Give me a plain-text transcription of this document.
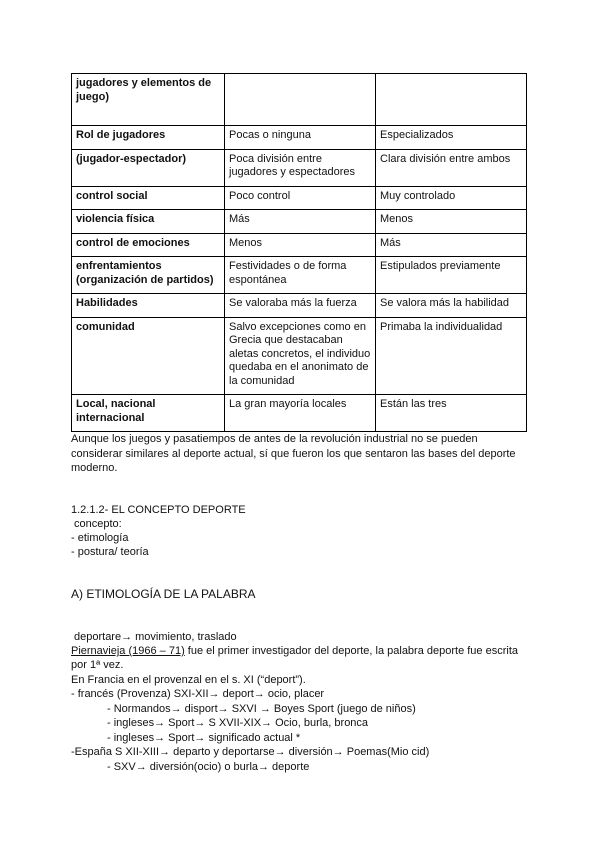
jugadores y elementos de juego)		
Rol de jugadores	Pocas o ninguna	Especializados
(jugador-espectador)	Poca división entre jugadores y espectadores	Clara división entre ambos
control social	Poco control	Muy controlado
violencia física	Más	Menos
control de emociones	Menos	Más
enfrentamientos (organización de partidos)	Festividades o de forma espontánea	Estipulados previamente
Habilidades	Se valoraba más la fuerza	Se valora más la habilidad
comunidad	Salvo excepciones como en Grecia que destacaban aletas concretos, el individuo quedaba en el anonimato de la comunidad	Primaba la individualidad
Local, nacional internacional	La gran mayoría locales	Están las tres
Aunque los juegos y pasatiempos de antes de la revolución industrial no se pueden considerar similares al deporte actual, sí que fueron los que sentaron las bases del deporte moderno.
1.2.1.2- EL CONCEPTO DEPORTE
concepto:
- etimología
- postura/ teoría
A) ETIMOLOGÍA DE LA PALABRA
deportare→ movimiento, traslado
Piernavieja (1966 – 71) fue el primer investigador del deporte, la palabra deporte fue escrita
por 1ª vez.
En Francia en el provenzal en el s. XI (“deport”).
- francés (Provenza) SXI-XII→ deport→ ocio, placer
- Normandos→ disport→ SXVI → Boyes Sport (juego de niños)
- ingleses→ Sport→ S XVII-XIX→ Ocio, burla, bronca
- ingleses→ Sport→ significado actual *
-España S XII-XIII→ departo y deportarse→ diversión→ Poemas(Mio cid)
- SXV→ diversión(ocio) o burla→ deporte
